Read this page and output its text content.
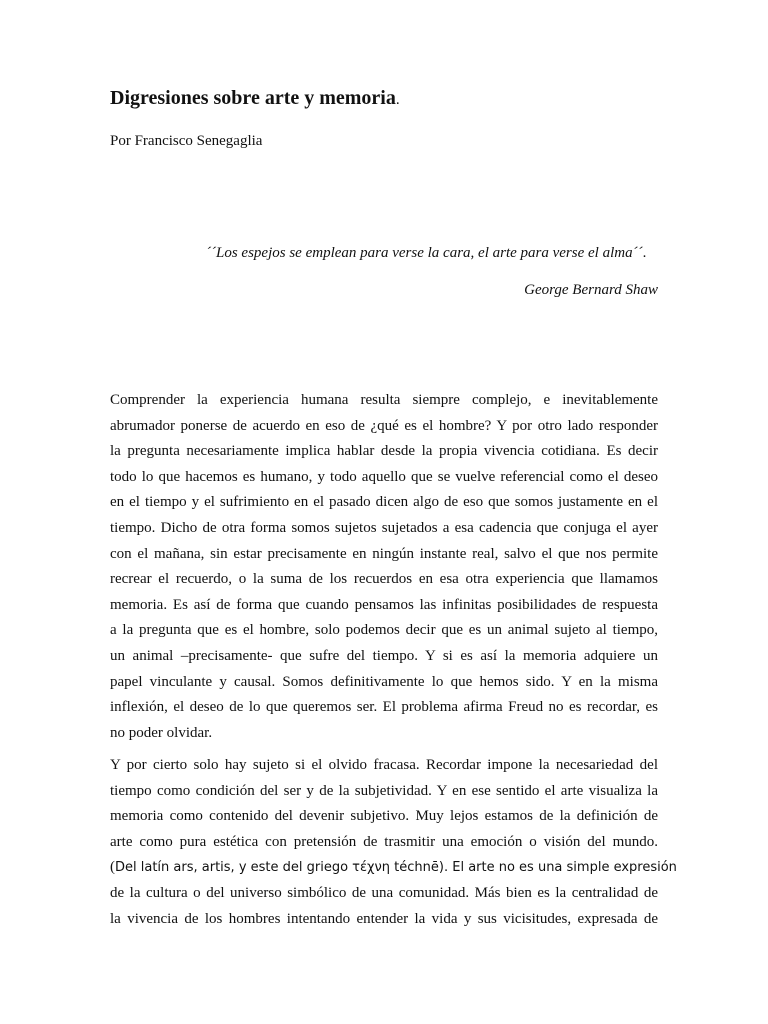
Digresiones sobre arte y memoria.
Por Francisco Senegaglia
´´Los espejos se emplean para verse la cara, el arte para verse el alma´´.
George Bernard Shaw
Comprender la experiencia humana resulta siempre complejo, e inevitablemente
abrumador ponerse de acuerdo en eso de ¿qué es el hombre? Y por otro lado responder
la pregunta necesariamente implica hablar desde la propia vivencia cotidiana. Es decir
todo lo que hacemos es humano, y todo aquello que se vuelve referencial como el deseo
en el tiempo y el sufrimiento en el pasado dicen algo de eso que somos justamente en el
tiempo. Dicho de otra forma somos sujetos sujetados a esa cadencia que conjuga el ayer
con el mañana, sin estar precisamente en ningún instante real, salvo el que nos permite
recrear el recuerdo, o la suma de los recuerdos en esa otra experiencia que llamamos
memoria. Es así de forma que cuando pensamos las infinitas posibilidades de respuesta
a la pregunta que es el hombre, solo podemos decir que es un animal sujeto al tiempo,
un animal –precisamente- que sufre del tiempo. Y si es así la memoria adquiere un
papel vinculante y causal. Somos definitivamente lo que hemos sido. Y en la misma
inflexión, el deseo de lo que queremos ser. El problema afirma Freud no es recordar, es
no poder olvidar.
Y por cierto solo hay sujeto si el olvido fracasa. Recordar impone la necesariedad del
tiempo como condición del ser y de la subjetividad. Y en ese sentido el arte visualiza la
memoria como contenido del devenir subjetivo. Muy lejos estamos de la definición de
arte como pura estética con pretensión de trasmitir una emoción o visión del mundo.
(Del latín ars, artis, y este del griego τέχνη téchnē). El arte no es una simple expresión
de la cultura o del universo simbólico de una comunidad. Más bien es la centralidad de
la vivencia de los hombres intentando entender la vida y sus vicisitudes, expresada de
